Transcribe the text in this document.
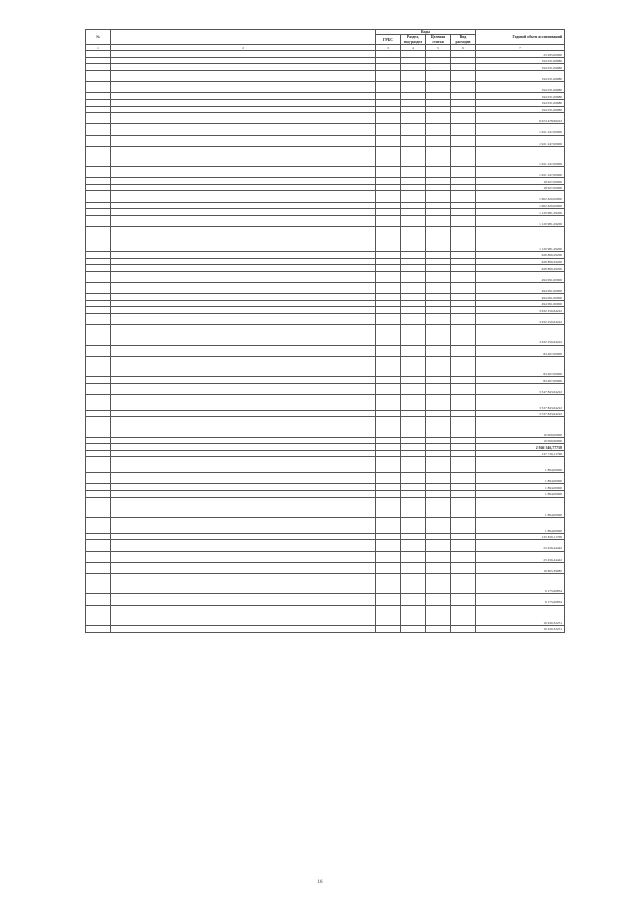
№		Коды				Годовой объем ассигнований
		ГРБС	Раздел, под-раздел	Целевая статья	Вид расходов	
1	2	3	4	5	6	7
						23 295,00000
						194 031,06680
						194 031,06680
						194 031,06680
						194 031,06680
						194 031,06680
						194 031,06680
						194 031,06680
						6 674 478,69222
						1 921 247,00000
						1 921 247,00000
						1 921 247,00000
						1 921 247,00000
						18 627,00000
						18 627,00000
						1 902 620,00000
						1 902 620,00000
						1 120 981,29200
						1 120 981,29200
						1 120 981,29200
						626 890,29200
						626 890,29200
						626 890,29200
						494 091,00000
						494 091,00000
						494 091,00000
						494 091,00000
						3 632 250,64222
						3 632 250,64222
						3 632 250,64222
						84 407,00000
						84 407,00000
						84 407,00000
						3 547 843,64222
						3 537 843,64222
						3 537 843,64222
						10 000,00000
						10 000,00000
						2 946 346,77758
						127 716,11796
						1 894,00000
						1 894,00000
						1 894,00000
						1 894,00000
						1 894,00000
						1 894,00000
						125 816,11796
						23 456,44442
						23 456,44442
						19 605,39085
						9 175,06834
						9 175,06834
						10 430,32251
						10 430,32251
16
